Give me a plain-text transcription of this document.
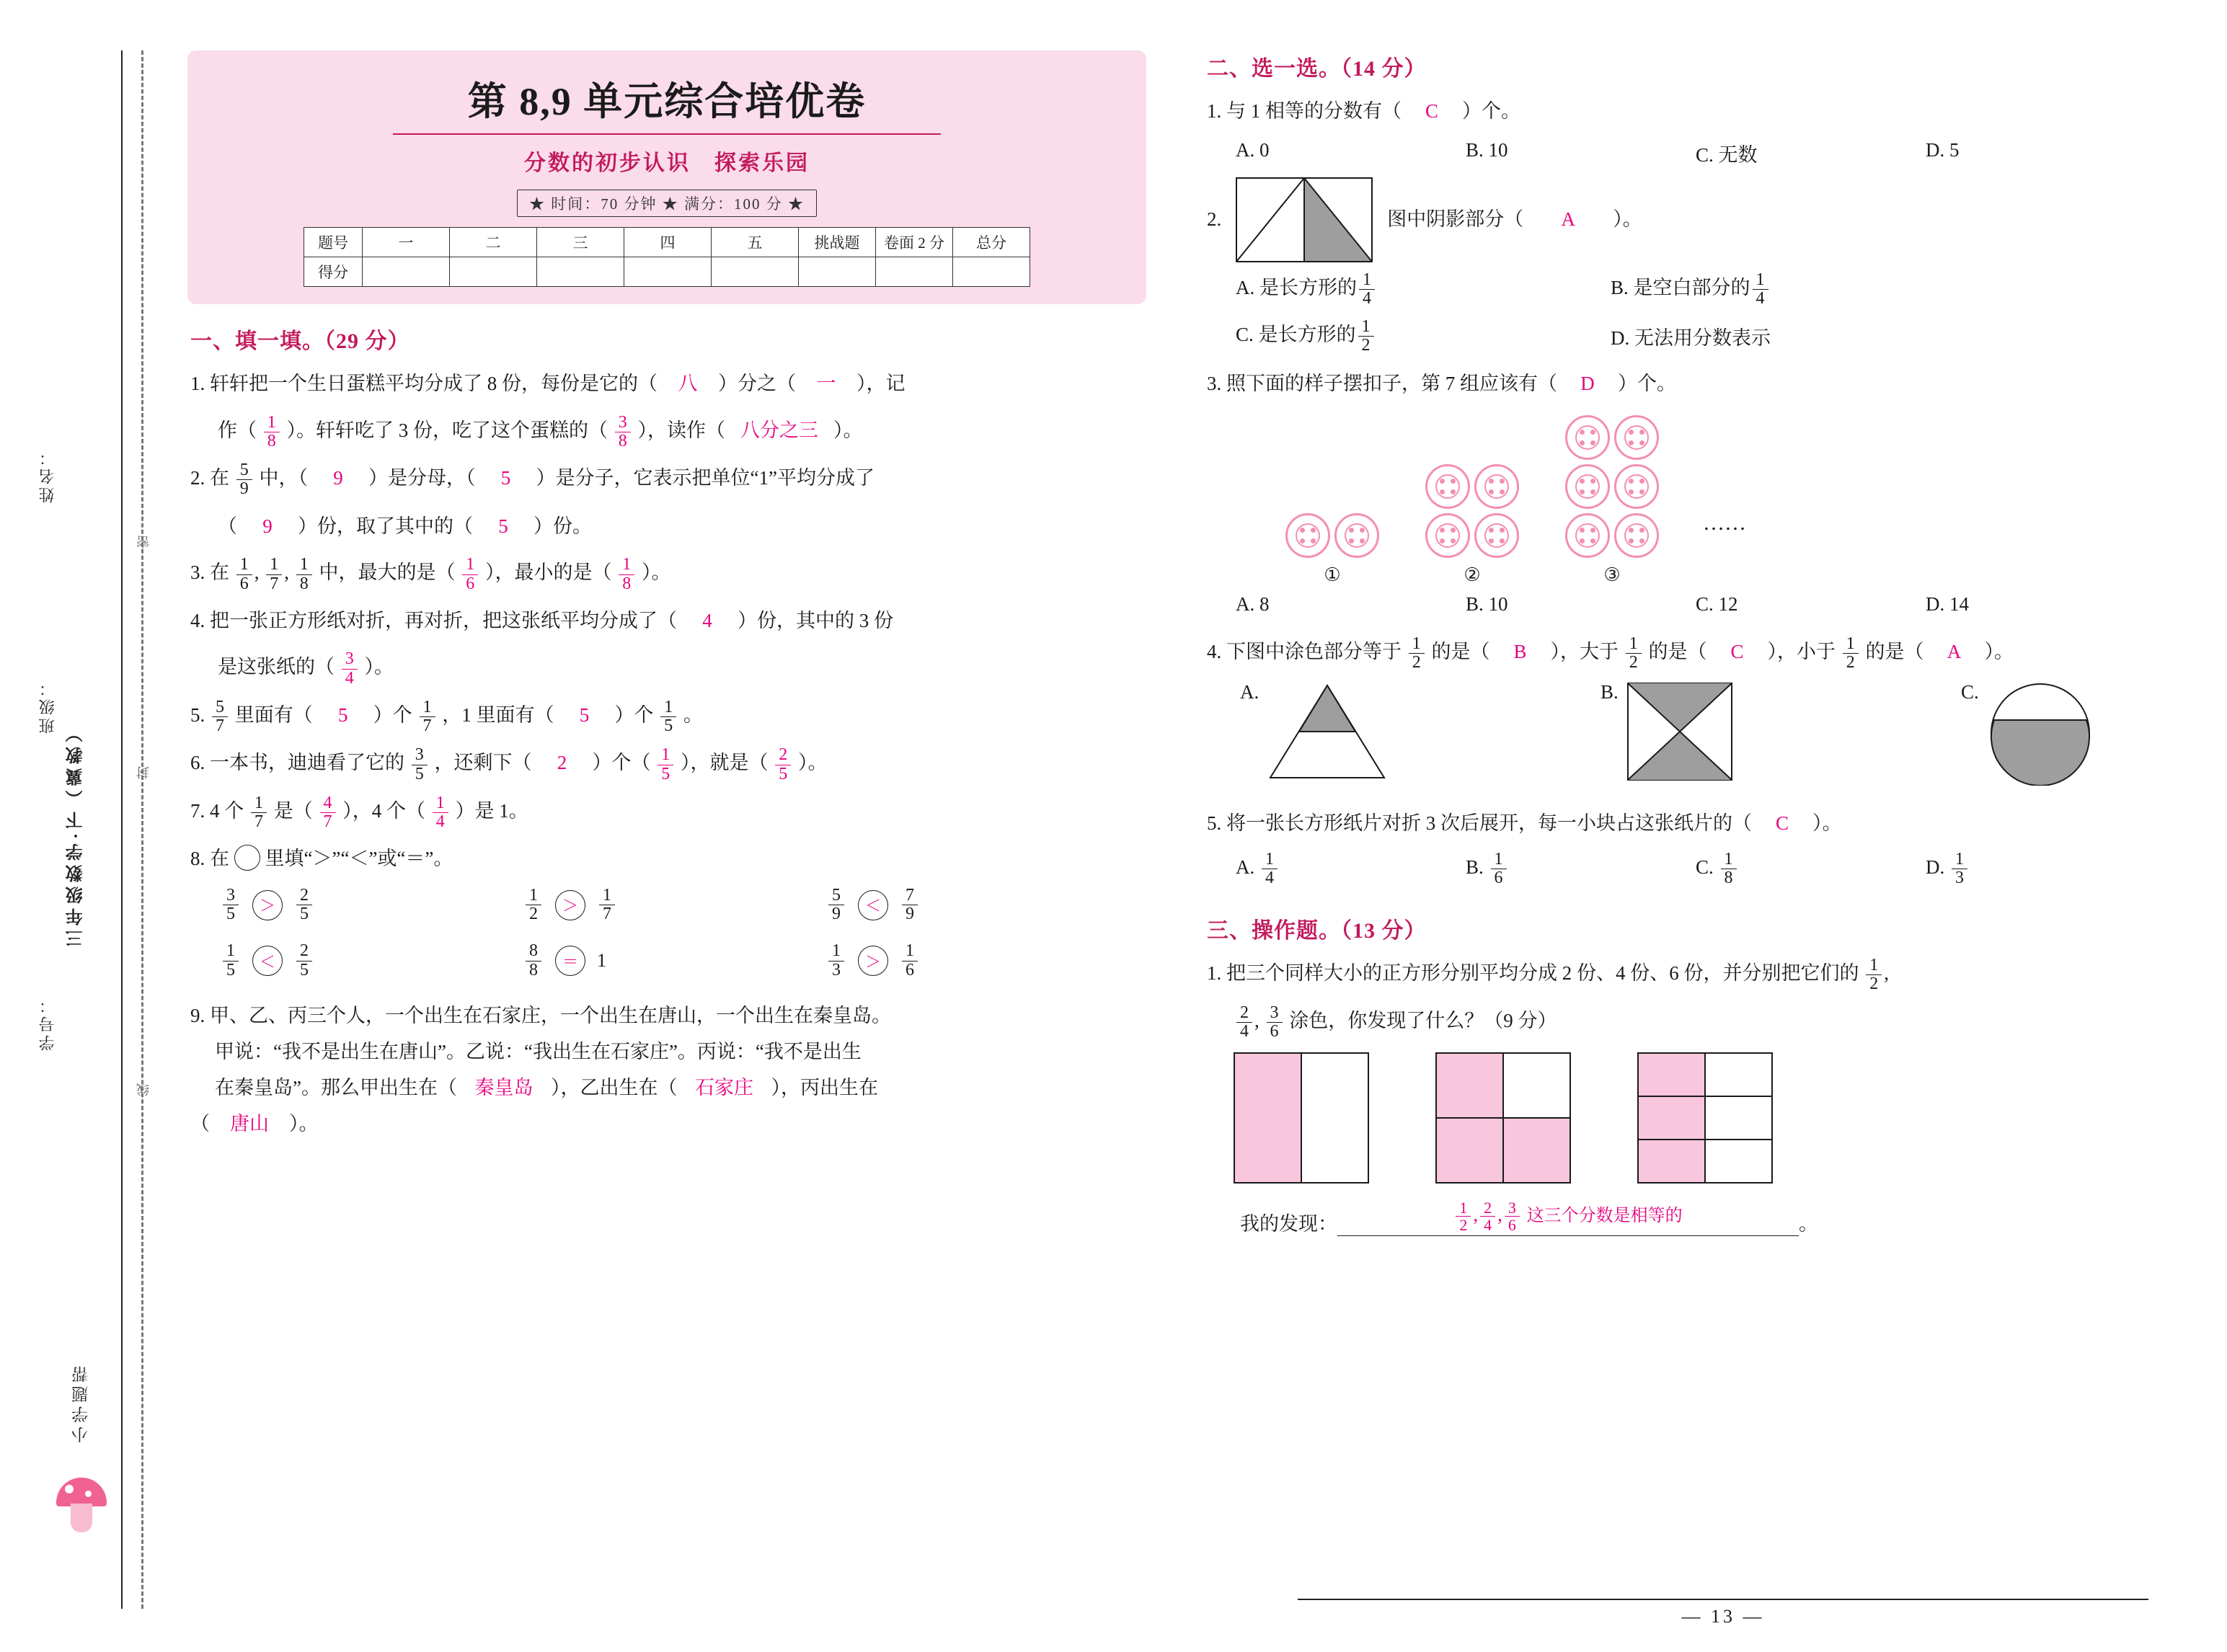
姓名：
三年级数学·下（冀教）
班级：
学号：
小学题帮
密
封
线
第 8,9 单元综合培优卷
分数的初步认识　探索乐园
★ 时间：70 分钟 ★ 满分：100 分 ★
题号	一	二	三	四	五	挑战题	卷面 2 分	总分
得分								
一、填一填。（29 分）
1. 轩轩把一个生日蛋糕平均分成了 8 份，每份是它的（ 八 ）分之（ 一 ），记
作（ $\frac{1}{8}$ ）。轩轩吃了 3 份，吃了这个蛋糕的（ $\frac{3}{8}$ ），读作（ 八分之三 ）。
2. 在 $\frac{5}{9}$ 中，（ 9 ）是分母，（ 5 ）是分子，它表示把单位“1”平均分成了
（ 9 ）份，取了其中的（ 5 ）份。
3. 在 $\frac{1}{6}$ , $\frac{1}{7}$ , $\frac{1}{8}$ 中，最大的是（ $\frac{1}{6}$ ），最小的是（ $\frac{1}{8}$ ）。
4. 把一张正方形纸对折，再对折，把这张纸平均分成了（ 4 ）份，其中的 3 份
是这张纸的（ $\frac{3}{4}$ ）。
5. $\frac{5}{7}$ 里面有（ 5 ）个 $\frac{1}{7}$ ，1 里面有（ 5 ）个 $\frac{1}{5}$ 。
6. 一本书，迪迪看了它的 $\frac{3}{5}$ ，还剩下（ 2 ）个（ $\frac{1}{5}$ ），就是（ $\frac{2}{5}$ ）。
7. 4 个 $\frac{1}{7}$ 是（ $\frac{4}{7}$ ），4 个（ $\frac{1}{4}$ ）是 1。
8. 在 里填“＞”“＜”或“＝”。
$\frac{3}{5}$	＞	$\frac{2}{5}$	$\frac{1}{2}$	＞	$\frac{1}{7}$	$\frac{5}{9}$	＜	$\frac{7}{9}$
$\frac{1}{5}$	＜	$\frac{2}{5}$	$\frac{8}{8}$	＝	1	$\frac{1}{3}$	＞	$\frac{1}{6}$
9. 甲、乙、丙三个人，一个出生在石家庄，一个出生在唐山，一个出生在秦皇岛。
甲说：“我不是出生在唐山”。乙说：“我出生在石家庄”。丙说：“我不是出生
在秦皇岛”。那么甲出生在（ 秦皇岛 ），乙出生在（ 石家庄 ），丙出生在
（ 唐山 ）。
二、选一选。（14 分）
1. 与 1 相等的分数有（ C ）个。
A. 0	B. 10	C. 无数	D. 5
2.	图中阴影部分（	A	）。
A. 是长方形的 $\frac{1}{4}$	B. 是空白部分的 $\frac{1}{4}$
C. 是长方形的 $\frac{1}{2}$	D. 无法用分数表示
3. 照下面的样子摆扣子，第 7 组应该有（ D ）个。
①	②	③
……
A. 8	B. 10	C. 12	D. 14
4. 下图中涂色部分等于 $\frac{1}{2}$ 的是（ B ），大于 $\frac{1}{2}$ 的是（ C ），小于 $\frac{1}{2}$ 的是（ A ）。
A.	B.	C.
5. 将一张长方形纸片对折 3 次后展开，每一小块占这张纸片的（ C ）。
A. $\frac{1}{4}$	B. $\frac{1}{6}$	C. $\frac{1}{8}$	D. $\frac{1}{3}$
三、操作题。（13 分）
1. 把三个同样大小的正方形分别平均分成 2 份、4 份、6 份，并分别把它们的 $\frac{1}{2}$ ,
$\frac{2}{4}$ , $\frac{3}{6}$ 涂色，你发现了什么？（9 分）
我的发现：	$\frac{1}{2}$ , $\frac{2}{4}$ , $\frac{3}{6}$ 这三个分数是相等的	。
— 13 —
